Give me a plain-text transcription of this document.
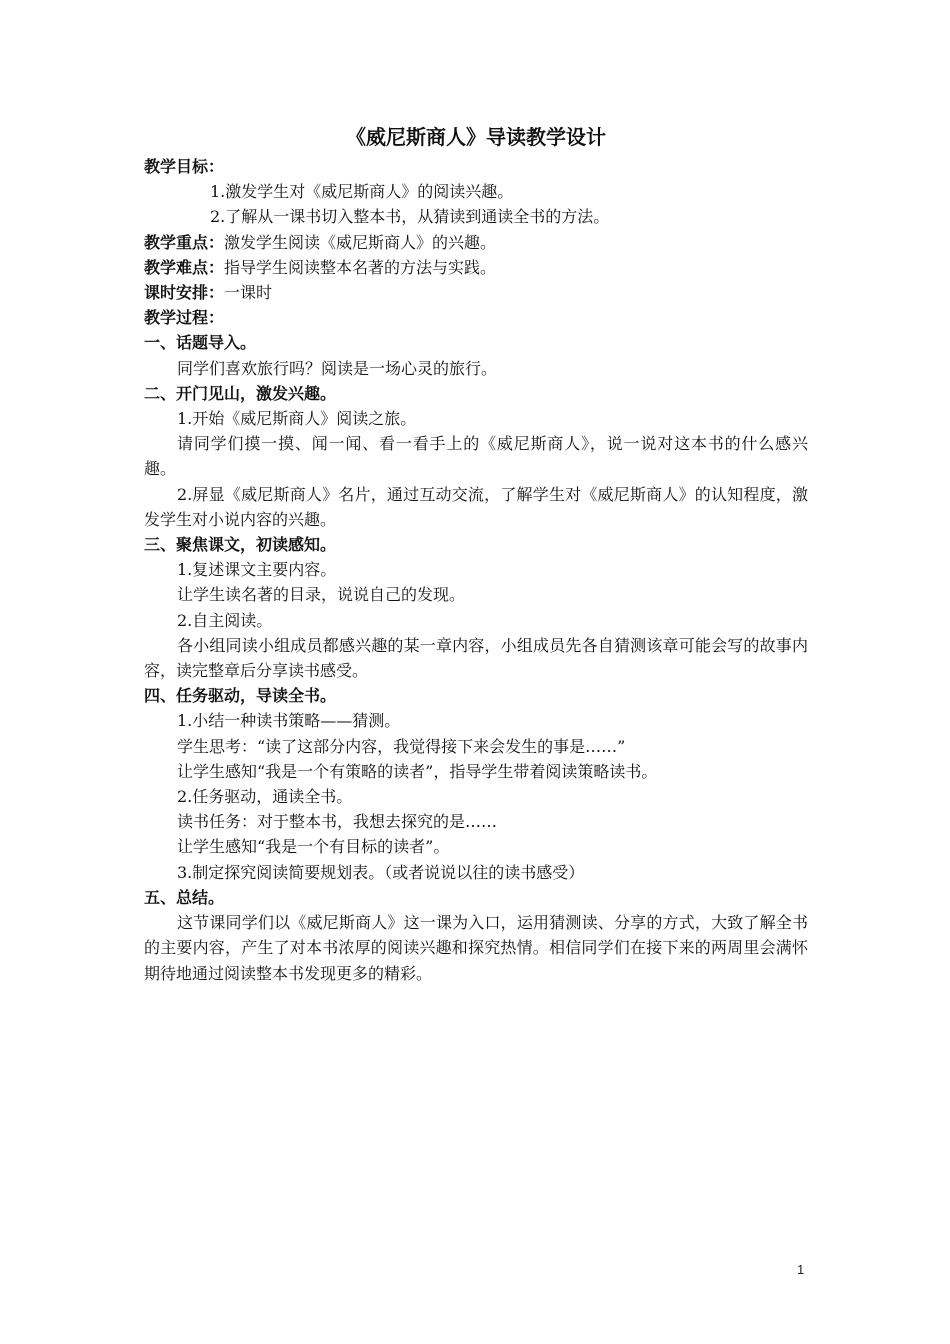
《威尼斯商人》导读教学设计
教学目标：
1.激发学生对《威尼斯商人》的阅读兴趣。
2.了解从一课书切入整本书，从猜读到通读全书的方法。
教学重点：激发学生阅读《威尼斯商人》的兴趣。
教学难点：指导学生阅读整本名著的方法与实践。
课时安排：一课时
教学过程：
一、话题导入。
同学们喜欢旅行吗？阅读是一场心灵的旅行。
二、开门见山，激发兴趣。
1.开始《威尼斯商人》阅读之旅。
请同学们摸一摸、闻一闻、看一看手上的《威尼斯商人》，说一说对这本书的什么感兴趣。
2.屏显《威尼斯商人》名片，通过互动交流，了解学生对《威尼斯商人》的认知程度，激发学生对小说内容的兴趣。
三、聚焦课文，初读感知。
1.复述课文主要内容。
让学生读名著的目录，说说自己的发现。
2.自主阅读。
各小组同读小组成员都感兴趣的某一章内容，小组成员先各自猜测该章可能会写的故事内容，读完整章后分享读书感受。
四、任务驱动，导读全书。
1.小结一种读书策略——猜测。
学生思考：“读了这部分内容，我觉得接下来会发生的事是……”
让学生感知“我是一个有策略的读者”，指导学生带着阅读策略读书。
2.任务驱动，通读全书。
读书任务：对于整本书，我想去探究的是……
让学生感知“我是一个有目标的读者”。
3.制定探究阅读简要规划表。（或者说说以往的读书感受）
五、总结。
这节课同学们以《威尼斯商人》这一课为入口，运用猜测读、分享的方式，大致了解全书的主要内容，产生了对本书浓厚的阅读兴趣和探究热情。相信同学们在接下来的两周里会满怀期待地通过阅读整本书发现更多的精彩。
1
